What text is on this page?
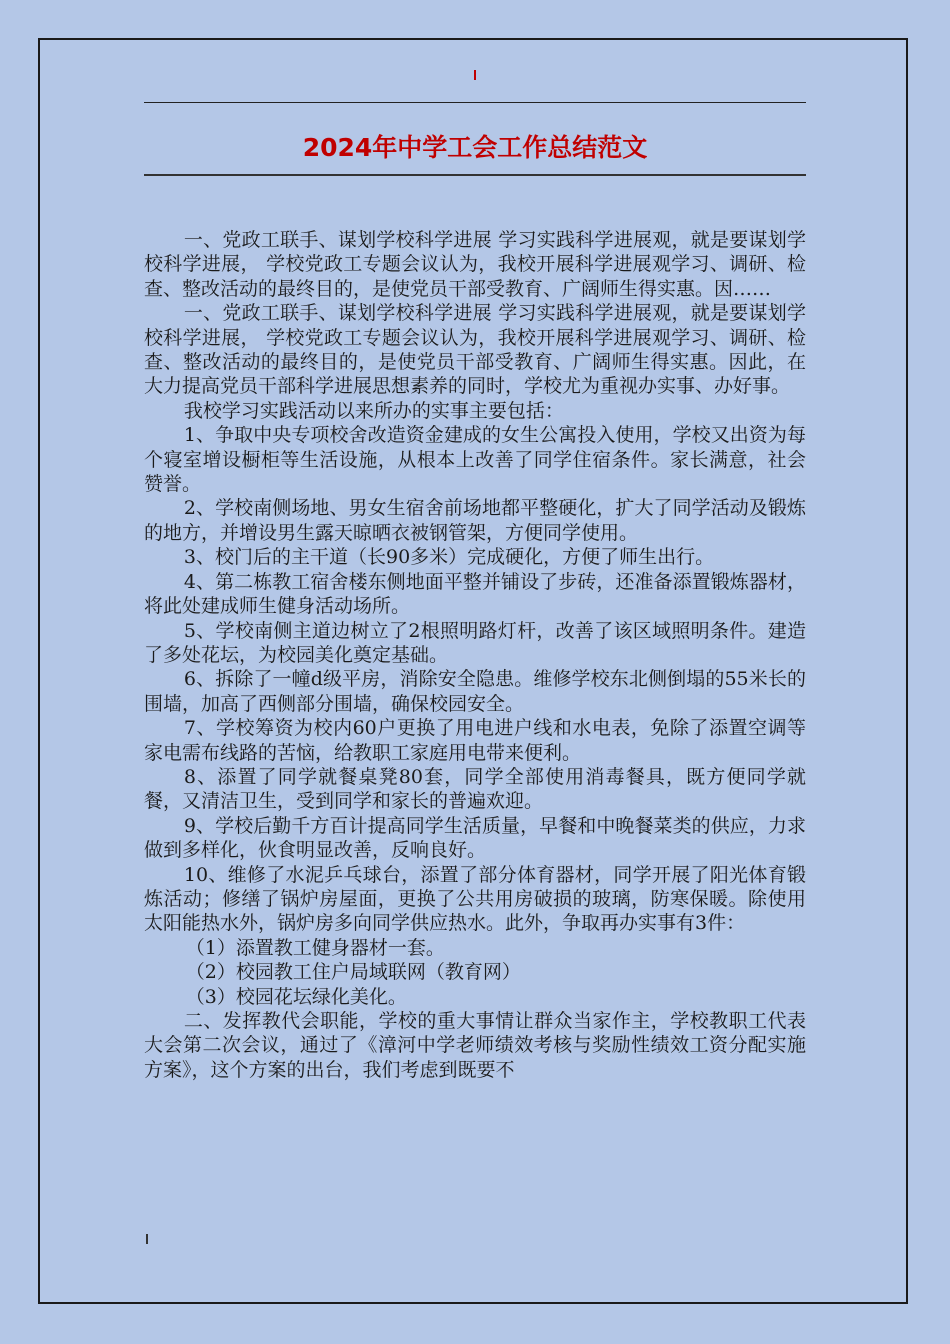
2024年中学工会工作总结范文

一、党政工联手、谋划学校科学进展 学习实践科学进展观，就是要谋划学校科学进展， 学校党政工专题会议认为，我校开展科学进展观学习、调研、检查、整改活动的最终目的，是使党员干部受教育、广阔师生得实惠。因……

一、党政工联手、谋划学校科学进展 学习实践科学进展观，就是要谋划学校科学进展， 学校党政工专题会议认为，我校开展科学进展观学习、调研、检查、整改活动的最终目的，是使党员干部受教育、广阔师生得实惠。因此，在大力提高党员干部科学进展思想素养的同时，学校尤为重视办实事、办好事。

我校学习实践活动以来所办的实事主要包括：

1、争取中央专项校舍改造资金建成的女生公寓投入使用，学校又出资为每个寝室增设橱柜等生活设施，从根本上改善了同学住宿条件。家长满意，社会赞誉。

2、学校南侧场地、男女生宿舍前场地都平整硬化，扩大了同学活动及锻炼的地方，并增设男生露天晾晒衣被钢管架，方便同学使用。

3、校门后的主干道（长90多米）完成硬化，方便了师生出行。

4、第二栋教工宿舍楼东侧地面平整并铺设了步砖，还准备添置锻炼器材，将此处建成师生健身活动场所。

5、学校南侧主道边树立了2根照明路灯杆，改善了该区域照明条件。建造了多处花坛，为校园美化奠定基础。

6、拆除了一幢d级平房，消除安全隐患。维修学校东北侧倒塌的55米长的围墙，加高了西侧部分围墙，确保校园安全。

7、学校筹资为校内60户更换了用电进户线和水电表，免除了添置空调等家电需布线路的苦恼，给教职工家庭用电带来便利。

8、添置了同学就餐桌凳80套，同学全部使用消毒餐具，既方便同学就餐，又清洁卫生，受到同学和家长的普遍欢迎。

9、学校后勤千方百计提高同学生活质量，早餐和中晚餐菜类的供应，力求做到多样化，伙食明显改善，反响良好。

10、维修了水泥乒乓球台，添置了部分体育器材，同学开展了阳光体育锻炼活动；修缮了锅炉房屋面，更换了公共用房破损的玻璃，防寒保暖。除使用太阳能热水外，锅炉房多向同学供应热水。此外，争取再办实事有3件：

（1）添置教工健身器材一套。

（2）校园教工住户局域联网（教育网）

（3）校园花坛绿化美化。

二、发挥教代会职能，学校的重大事情让群众当家作主，学校教职工代表大会第二次会议，通过了《漳河中学老师绩效考核与奖励性绩效工资分配实施方案》，这个方案的出台，我们考虑到既要不
